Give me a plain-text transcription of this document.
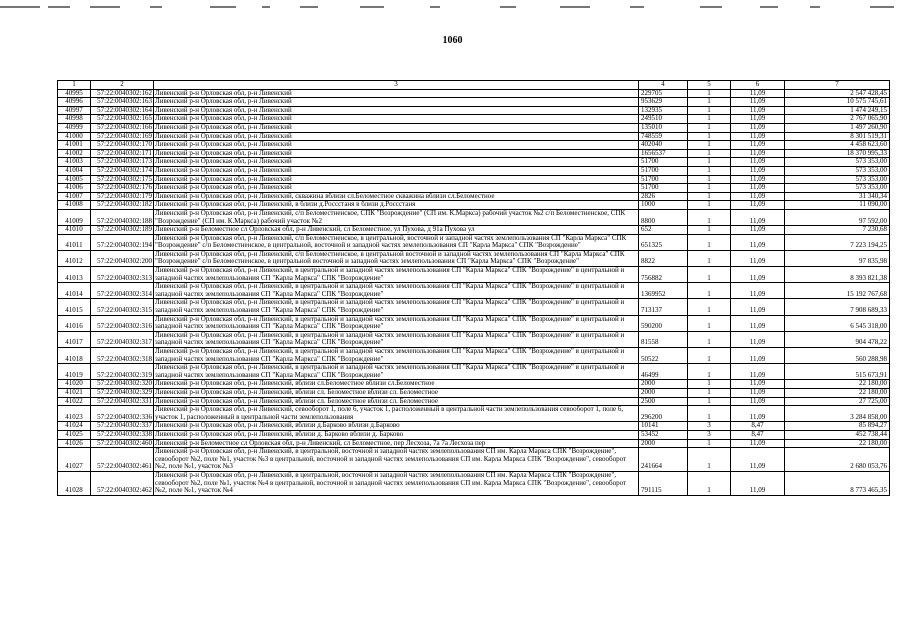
1060
1	2	3	4	5	6	7
40995	57:22:0040302:162	Ливенский р-н Орловская обл, р-н Ливенский	229705	1	11,09	2 547 428,45
40996	57:22:0040302:163	Ливенский р-н Орловская обл, р-н Ливенский	953629	1	11,09	10 575 745,61
40997	57:22:0040302:164	Ливенский р-н Орловская обл, р-н Ливенский	132935	1	11,09	1 474 249,15
40998	57:22:0040302:165	Ливенский р-н Орловская обл, р-н Ливенский	249510	1	11,09	2 767 065,90
40999	57:22:0040302:166	Ливенский р-н Орловская обл, р-н Ливенский	135010	1	11,09	1 497 260,90
41000	57:22:0040302:169	Ливенский р-н Орловская обл, р-н Ливенский	748559	1	11,09	8 301 519,31
41001	57:22:0040302:170	Ливенский р-н Орловская обл, р-н Ливенский	402040	1	11,09	4 458 623,60
41002	57:22:0040302:171	Ливенский р-н Орловская обл, р-н Ливенский	1656537	1	11,09	18 370 995,33
41003	57:22:0040302:173	Ливенский р-н Орловская обл, р-н Ливенский	51700	1	11,09	573 353,00
41004	57:22:0040302:174	Ливенский р-н Орловская обл, р-н Ливенский	51700	1	11,09	573 353,00
41005	57:22:0040302:175	Ливенский р-н Орловская обл, р-н Ливенский	51700	1	11,09	573 353,00
41006	57:22:0040302:176	Ливенский р-н Орловская обл, р-н Ливенский	51700	1	11,09	573 353,00
41007	57:22:0040302:179	Ливенский р-н Орловская обл, р-н Ливенский, скважина вблизи сл.Беломестное скважина вблизи сл.Беломестное	2826	1	11,09	31 340,34
41008	57:22:0040302:182	Ливенский р-н Орловская обл, р-н Ливенский, в близи д.Россстаня в близи д.Россстаня	1000	1	11,09	11 090,00
41009	57:22:0040302:188	Ливенский р-н Орловская обл, р-н Ливенский, с/п Беломестненское, СПК "Возрождение" (СП им. К.Маркса) рабочий участок №2 с/п Беломестненское, СПК "Возрождение" (СП им. К.Маркса) рабочий участок №2	8800	1	11,09	97 592,00
41010	57:22:0040302:189	Ливенский р-н Беломестное сл Орловская обл, р-н Ливенский, сл Беломестное, ул Пухова, д 91а Пухова ул	652	1	11,09	7 230,68
41011	57:22:0040302:194	Ливенский р-н Орловская обл, р-н Ливенский, с/п Беломестненское, в центральной, восточной и западной частях землепользования СП "Карла Маркса" СПК "Возрождение" с/п Беломестненское, в центральной, восточной и западной частях землепользования СП "Карла Маркса" СПК "Возрождение"	651325	1	11,09	7 223 194,25
41012	57:22:0040302:200	Ливенский р-н Орловская обл, р-н Ливенский, с/п Беломестненское, в центральной восточной и западной частях землепользования СП "Карла Маркса" СПК "Возрождение" с/п Беломестненское, в центральной восточной и западной частях землепользования СП "Карла Маркса" СПК "Возрождение"	8822	1	11,09	97 835,98
41013	57:22:0040302:313	Ливенский р-н Орловская обл, р-н Ливенский, в центральной и западной частях землепользования СП "Карла Маркса" СПК "Возрождение" в центральной и западной частях землепользования СП "Карла Маркса" СПК "Возрождение"	756882	1	11,09	8 393 821,38
41014	57:22:0040302:314	Ливенский р-н Орловская обл, р-н Ливенский, в центральной и западной частях землепользования СП "Карла Маркса" СПК "Возрождение" в центральной и западной частях землепользования СП "Карла Маркса" СПК "Возрождение"	1369952	1	11,09	15 192 767,68
41015	57:22:0040302:315	Ливенский р-н Орловская обл, р-н Ливенский, в центральной и западной частях землепользования СП "Карла Маркса" СПК "Возрождение" в центральной и западной частях землепользования СП "Карла Маркса" СПК "Возрождение"	713137	1	11,09	7 908 689,33
41016	57:22:0040302:316	Ливенский р-н Орловская обл, р-н Ливенский, в центральной и западной частях землепользования СП "Карла Маркса" СПК "Возрождение" в центральной и западной частях землепользования СП "Карла Маркса" СПК "Возрождение"	590200	1	11,09	6 545 318,00
41017	57:22:0040302:317	Ливенский р-н Орловская обл, р-н Ливенский, в центральной и западной частях землепользования СП "Карла Маркса" СПК "Возрождение" в центральной и западной частях землепользования СП "Карла Маркса" СПК "Возрождение"	81558	1	11,09	904 478,22
41018	57:22:0040302:318	Ливенский р-н Орловская обл, р-н Ливенский, в центральной и западной частях землепользования СП "Карла Маркса" СПК "Возрождение" в центральной и западной частях землепользования СП "Карла Маркса" СПК "Возрождение"	50522	1	11,09	560 288,98
41019	57:22:0040302:319	Ливенский р-н Орловская обл, р-н Ливенский, в центральной и западной частях землепользования СП "Карла Маркса" СПК "Возрождение" в центральной и западной частях землепользования СП "Карла Маркса" СПК "Возрождение"	46499	1	11,09	515 673,91
41020	57:22:0040302:320	Ливенский р-н Орловская обл, р-н Ливенский, вблизи сл.Беломестное вблизи сл.Беломестное	2000	1	11,09	22 180,00
41021	57:22:0040302:329	Ливенский р-н Орловская обл, р-н Ливенский, вблизи сл. Беломестное вблизи сл. Беломестное	2000	1	11,09	22 180,00
41022	57:22:0040302:331	Ливенский р-н Орловская обл, р-н Ливенский, вблизи сл. Беломестное вблизи сл. Беломестное	2500	1	11,09	27 725,00
41023	57:22:0040302:336	Ливенский р-н Орловская обл, р-н Ливенский, севооборот 1, поле 6, участок 1, расположенный в центральной части землепользования севооборот 1, поле 6, участок 1, расположенный в центральной части землепользования	296200	1	11,09	3 284 858,00
41024	57:22:0040302:337	Ливенский р-н Орловская обл, р-н Ливенский, вблизи д.Барково вблизи д.Барково	10141	3	8,47	85 894,27
41025	57:22:0040302:338	Ливенский р-н Орловская обл, р-н Ливенский, вблизи д. Барково вблизи д. Барково	53452	3	8,47	452 738,44
41026	57:22:0040302:460	Ливенский р-н Беломестное сл Орловская обл, р-н Ливенский, сл Беломестное, пер Лесхоза, 7а 7а Лесхоза пер	2000	1	11,09	22 180,00
41027	57:22:0040302:461	Ливенский р-н Орловская обл, р-н Ливенский, в центральной, восточной и западной частях землепользования СП им. Карла Маркса СПК "Возрождение", севооборот №2, поле №1, участок №3 в центральной, восточной и западной частях землепользования СП им. Карла Маркса СПК "Возрождение", севооборот №2, поле №1, участок №3	241664	1	11,09	2 680 053,76
41028	57:22:0040302:462	Ливенский р-н Орловская обл, р-н Ливенский, в центральной, восточной и западной частях землепользования СП им. Карла Маркса СПК "Возрождение", севооборот №2, поле №1, участок №4 в центральной, восточной и западной частях землепользования СП им. Карла Маркса СПК "Возрождение", севооборот №2, поле №1, участок №4	791115	1	11,09	8 773 465,35
